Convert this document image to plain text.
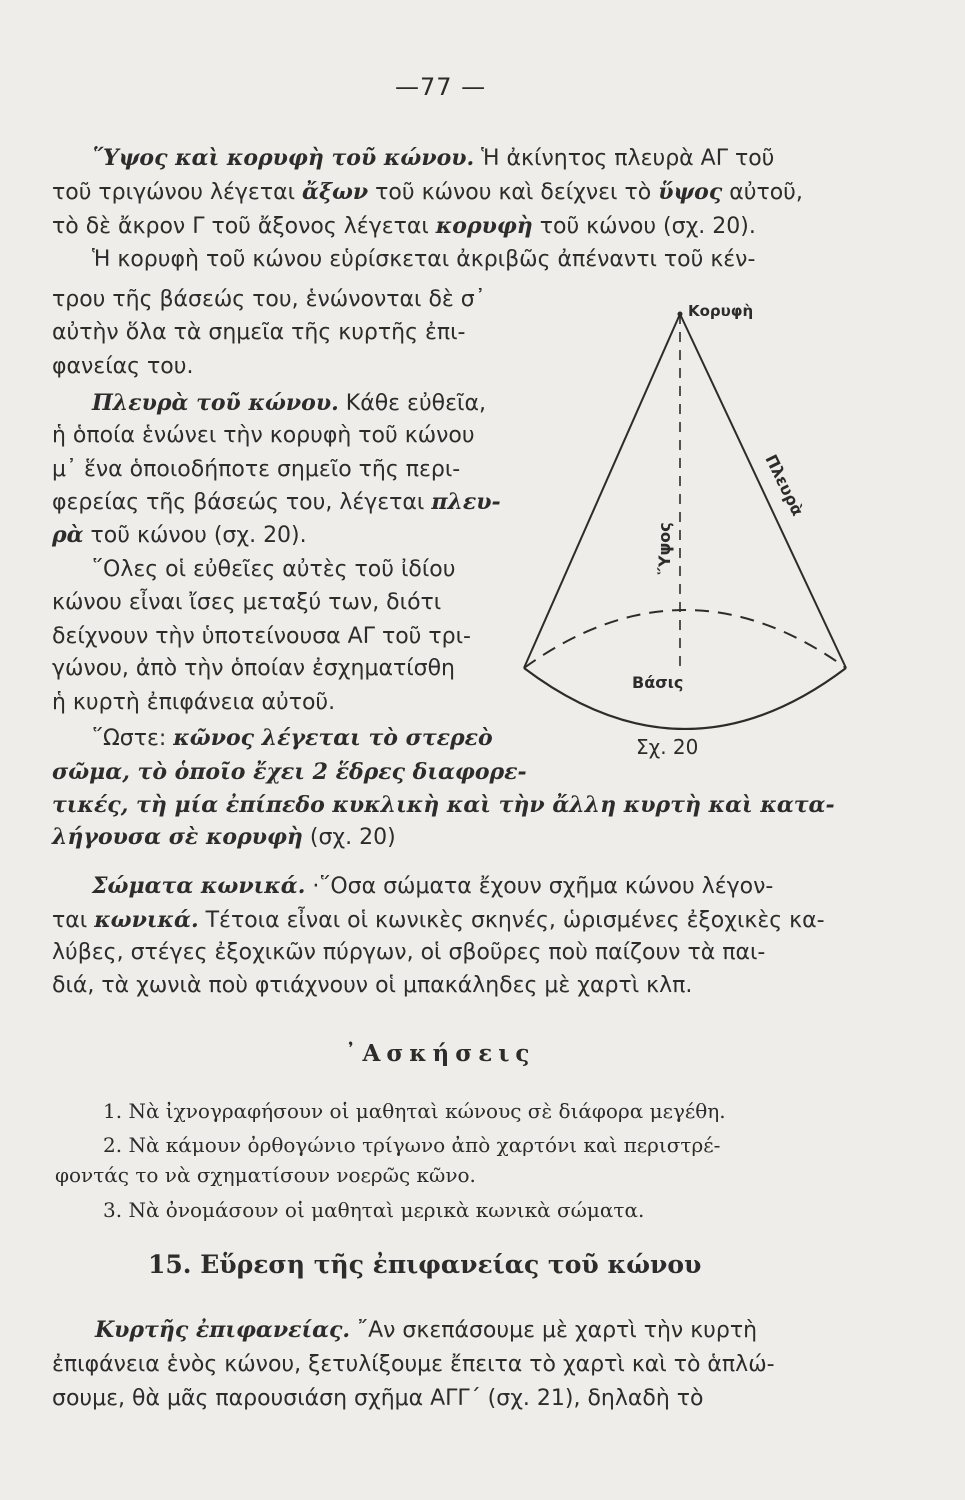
—77 —
῞Υψος καὶ κορυφὴ τοῦ κώνου. Ἡ ἀκίνητος πλευρὰ ΑΓ τοῦ
τοῦ τριγώνου λέγεται ἄξων τοῦ κώνου καὶ δείχνει τὸ ὕψος αὐτοῦ,
τὸ δὲ ἄκρον Γ τοῦ ἄξονος λέγεται κορυφὴ τοῦ κώνου (σχ. 20).
Ἡ κορυφὴ τοῦ κώνου εὑρίσκεται ἀκριβῶς ἀπέναντι τοῦ κέν-
τρου τῆς βάσεώς του, ἑνώνονται δὲ σ᾽
αὐτὴν ὅλα τὰ σημεῖα τῆς κυρτῆς ἐπι-
φανείας του.
Πλευρὰ τοῦ κώνου. Κάθε εὐθεῖα,
ἡ ὁποία ἑνώνει τὴν κορυφὴ τοῦ κώνου
μ᾽ ἕνα ὁποιοδήποτε σημεῖο τῆς περι-
φερείας τῆς βάσεώς του, λέγεται πλευ-
ρὰ τοῦ κώνου (σχ. 20).
῞Ολες οἱ εὐθεῖες αὐτὲς τοῦ ἰδίου
κώνου εἶναι ἴσες μεταξύ των, διότι
δείχνουν τὴν ὑποτείνουσα ΑΓ τοῦ τρι-
γώνου, ἀπὸ τὴν ὁποίαν ἐσχηματίσθη
ἡ κυρτὴ ἐπιφάνεια αὐτοῦ.
῞Ωστε: κῶνος λέγεται τὸ στερεὸ
σῶμα, τὸ ὁποῖο ἔχει 2 ἕδρες διαφορε-
τικές, τὴ μία ἐπίπεδο κυκλικὴ καὶ τὴν ἄλλη κυρτὴ καὶ κατα-
λήγουσα σὲ κορυφὴ (σχ. 20)
Κορυφὴ
῞Υψος
Πλευρὰ
Βάσις
Σχ. 20
Σώματα κωνικά. ·῞Οσα σώματα ἔχουν σχῆμα κώνου λέγον-
ται κωνικά. Τέτοια εἶναι οἱ κωνικὲς σκηνές, ὡρισμένες ἐξοχικὲς κα-
λύβες, στέγες ἐξοχικῶν πύργων, οἱ σβοῦρες ποὺ παίζουν τὰ παι-
διά, τὰ χωνιὰ ποὺ φτιάχνουν οἱ μπακάληδες μὲ χαρτὶ κλπ.
᾿Ασκήσεις
1. Νὰ ἰχνογραφήσουν οἱ μαθηταὶ κώνους σὲ διάφορα μεγέθη.
2. Νὰ κάμουν ὀρθογώνιο τρίγωνο ἀπὸ χαρτόνι καὶ περιστρέ-
φοντάς το νὰ σχηματίσουν νοερῶς κῶνο.
3. Νὰ ὀνομάσουν οἱ μαθηταὶ μερικὰ κωνικὰ σώματα.
15. Εὕρεση τῆς ἐπιφανείας τοῦ κώνου
Κυρτῆς ἐπιφανείας. ῎Αν σκεπάσουμε μὲ χαρτὶ τὴν κυρτὴ
ἐπιφάνεια ἑνὸς κώνου, ξετυλίξουμε ἔπειτα τὸ χαρτὶ καὶ τὸ ἁπλώ-
σουμε, θὰ μᾶς παρουσιάση σχῆμα ΑΓΓ΄ (σχ. 21), δηλαδὴ τὸ
